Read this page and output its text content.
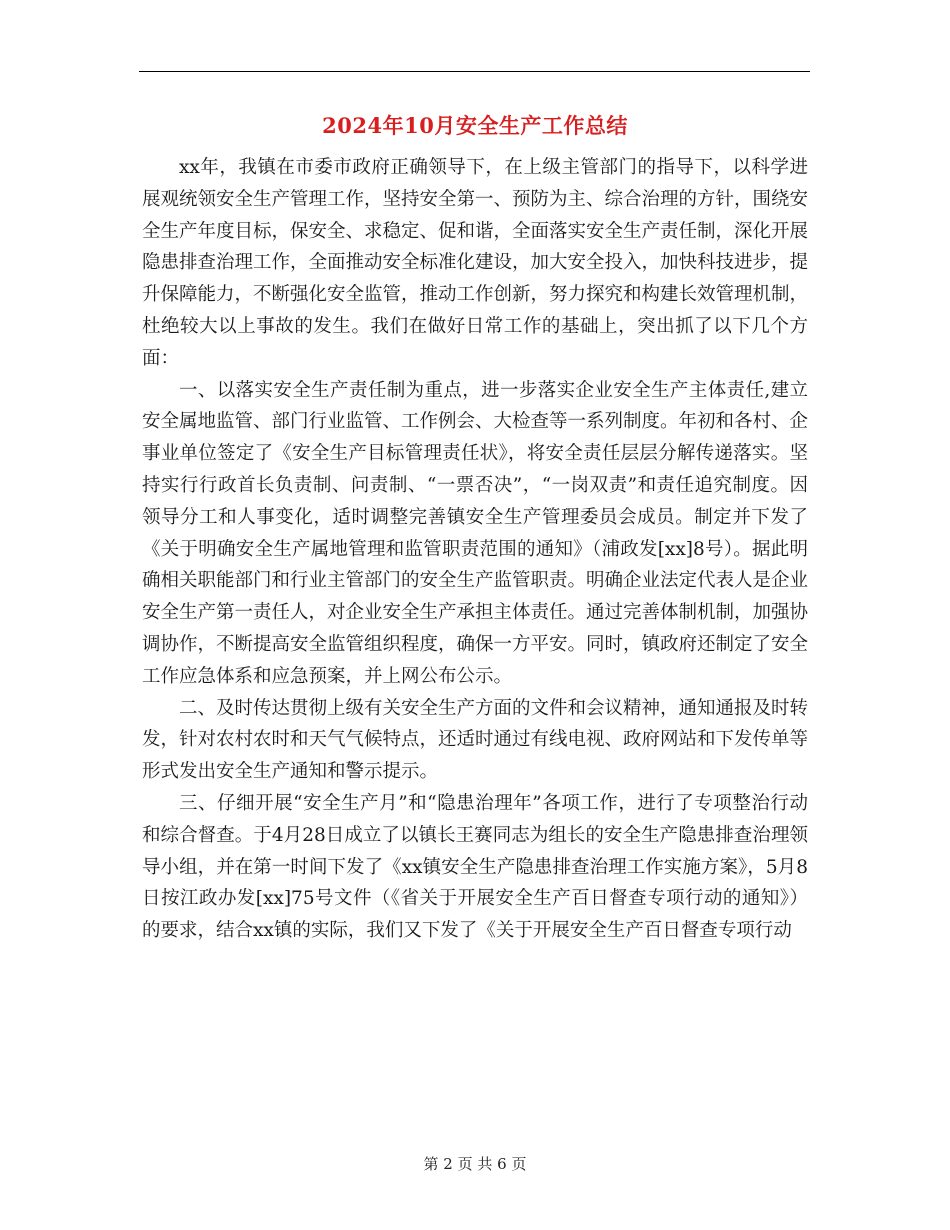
2024年10月安全生产工作总结

xx年，我镇在市委市政府正确领导下，在上级主管部门的指导下，以科学进展观统领安全生产管理工作，坚持安全第一、预防为主、综合治理的方针，围绕安全生产年度目标，保安全、求稳定、促和谐，全面落实安全生产责任制，深化开展隐患排查治理工作，全面推动安全标准化建设，加大安全投入，加快科技进步，提升保障能力，不断强化安全监管，推动工作创新，努力探究和构建长效管理机制，杜绝较大以上事故的发生。我们在做好日常工作的基础上，突出抓了以下几个方面：

一、以落实安全生产责任制为重点，进一步落实企业安全生产主体责任,建立安全属地监管、部门行业监管、工作例会、大检查等一系列制度。年初和各村、企事业单位签定了《安全生产目标管理责任状》，将安全责任层层分解传递落实。坚持实行行政首长负责制、问责制、“一票否决”，“一岗双责”和责任追究制度。因领导分工和人事变化，适时调整完善镇安全生产管理委员会成员。制定并下发了《关于明确安全生产属地管理和监管职责范围的通知》（浦政发[xx]8号）。据此明确相关职能部门和行业主管部门的安全生产监管职责。明确企业法定代表人是企业安全生产第一责任人，对企业安全生产承担主体责任。通过完善体制机制，加强协调协作，不断提高安全监管组织程度，确保一方平安。同时，镇政府还制定了安全工作应急体系和应急预案，并上网公布公示。

二、及时传达贯彻上级有关安全生产方面的文件和会议精神，通知通报及时转发，针对农村农时和天气气候特点，还适时通过有线电视、政府网站和下发传单等形式发出安全生产通知和警示提示。

三、仔细开展“安全生产月”和“隐患治理年”各项工作，进行了专项整治行动和综合督查。于4月28日成立了以镇长王赛同志为组长的安全生产隐患排查治理领导小组，并在第一时间下发了《xx镇安全生产隐患排查治理工作实施方案》，5月8日按江政办发[xx]75号文件（《省关于开展安全生产百日督查专项行动的通知》）的要求，结合xx镇的实际，我们又下发了《关于开展安全生产百日督查专项行动

第 2 页 共 6 页
